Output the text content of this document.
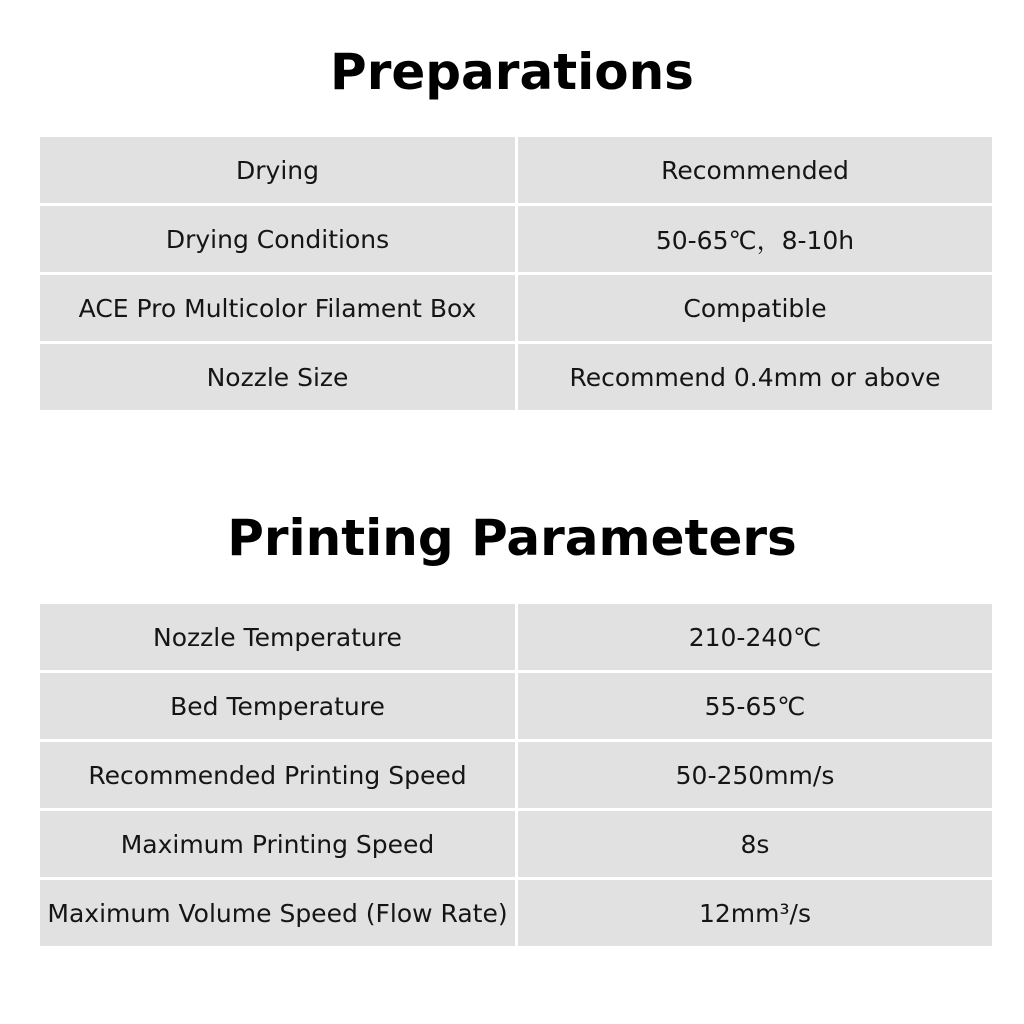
Preparations
Drying	Recommended
Drying Conditions	50-65℃，8-10h
ACE Pro Multicolor Filament Box	Compatible
Nozzle Size	Recommend 0.4mm or above
Printing Parameters
Nozzle Temperature	210-240℃
Bed Temperature	55-65℃
Recommended Printing Speed	50-250mm/s
Maximum Printing Speed	8s
Maximum Volume Speed (Flow Rate)	12mm³/s
